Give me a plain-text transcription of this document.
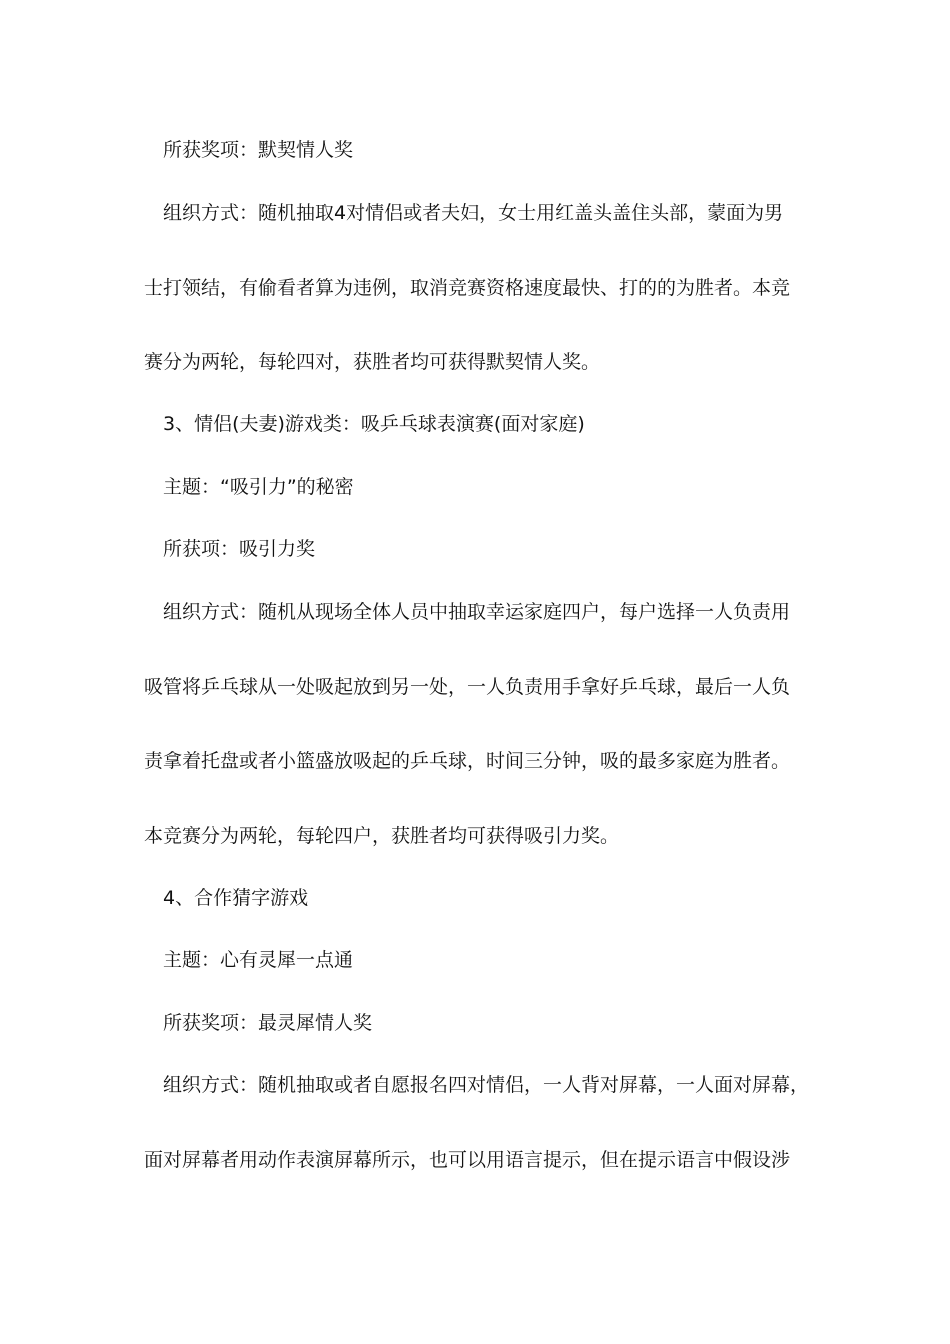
所获奖项：默契情人奖
组织方式：随机抽取4对情侣或者夫妇，女士用红盖头盖住头部，蒙面为男
士打领结，有偷看者算为违例，取消竞赛资格速度最快、打的的为胜者。本竞
赛分为两轮，每轮四对，获胜者均可获得默契情人奖。
3、情侣(夫妻)游戏类：吸乒乓球表演赛(面对家庭)
主题：“吸引力”的秘密
所获项：吸引力奖
组织方式：随机从现场全体人员中抽取幸运家庭四户，每户选择一人负责用
吸管将乒乓球从一处吸起放到另一处，一人负责用手拿好乒乓球，最后一人负
责拿着托盘或者小篮盛放吸起的乒乓球，时间三分钟，吸的最多家庭为胜者。
本竞赛分为两轮，每轮四户，获胜者均可获得吸引力奖。
4、合作猜字游戏
主题：心有灵犀一点通
所获奖项：最灵犀情人奖
组织方式：随机抽取或者自愿报名四对情侣，一人背对屏幕，一人面对屏幕，
面对屏幕者用动作表演屏幕所示，也可以用语言提示，但在提示语言中假设涉
